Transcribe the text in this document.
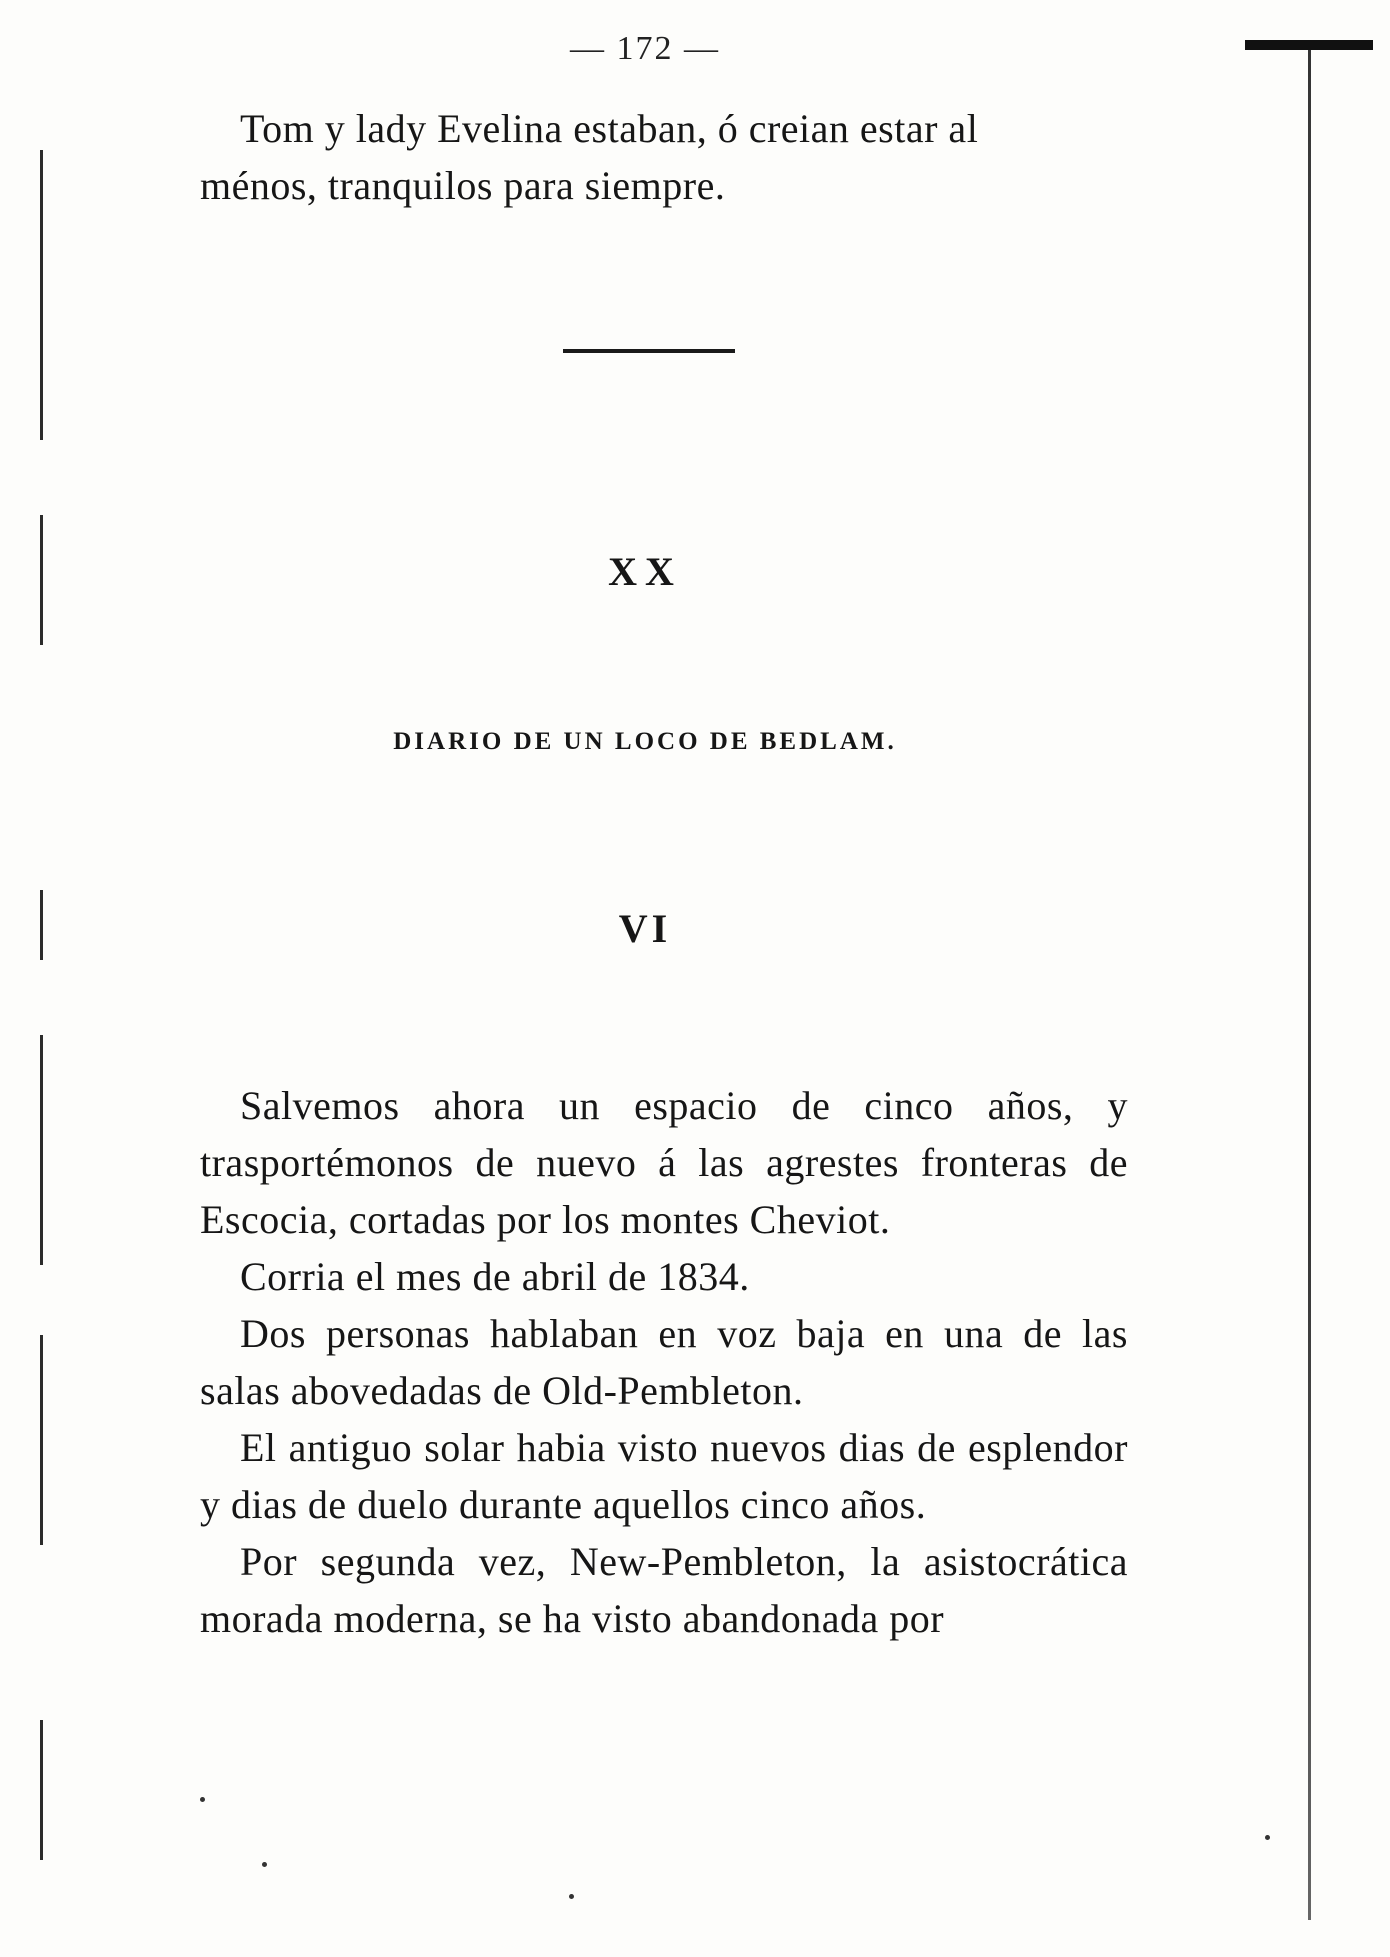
— 172 —

Tom y lady Evelina estaban, ó creian estar al

ménos, tranquilos para siempre.

XX
DIARIO DE UN LOCO DE BEDLAM.
VI

Salvemos ahora un espacio de cinco años, y trasportémonos de nuevo á las agrestes fronteras de Escocia, cortadas por los montes Cheviot.

Corria el mes de abril de 1834.

Dos personas hablaban en voz baja en una de las salas abovedadas de Old-Pembleton.

El antiguo solar habia visto nuevos dias de esplendor y dias de duelo durante aquellos cinco años.

Por segunda vez, New-Pembleton, la asistocrática morada moderna, se ha visto abandonada por
